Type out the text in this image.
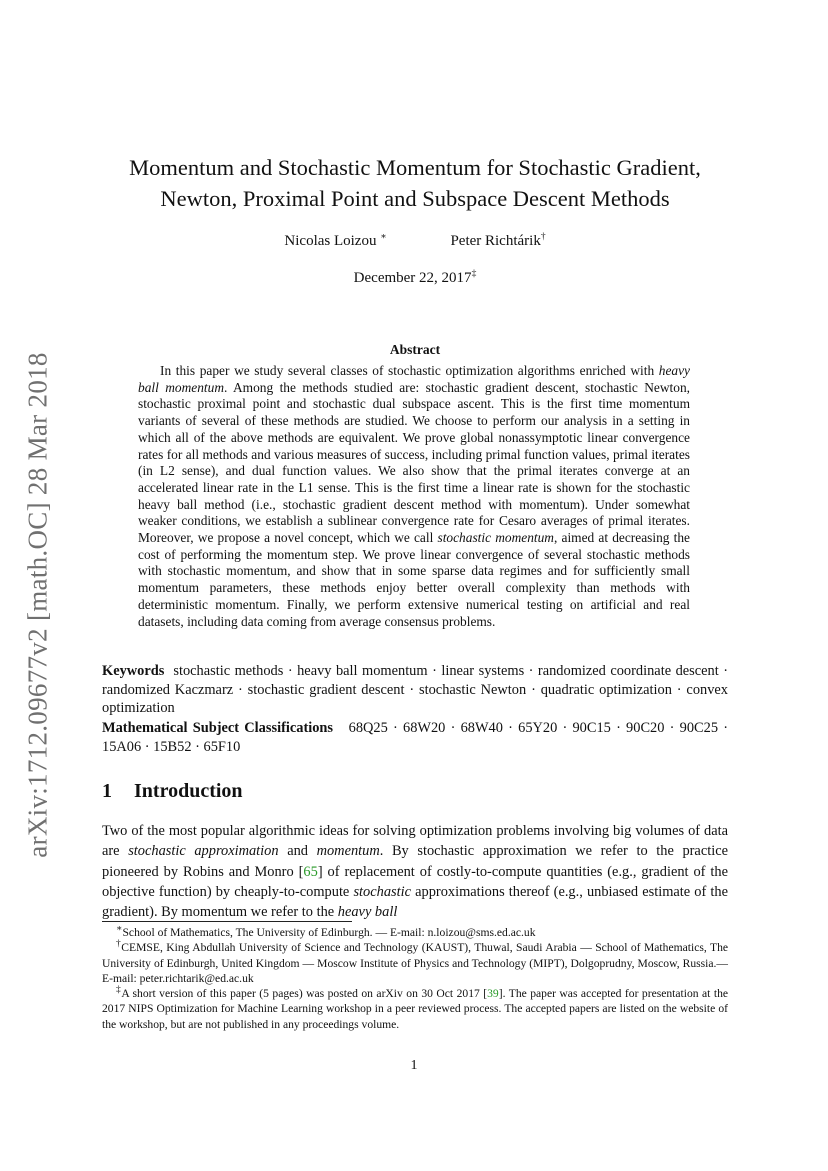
arXiv:1712.09677v2 [math.OC] 28 Mar 2018
Momentum and Stochastic Momentum for Stochastic Gradient,
Newton, Proximal Point and Subspace Descent Methods
Nicolas Loizou ∗	Peter Richtárik†
December 22, 2017‡
Abstract
In this paper we study several classes of stochastic optimization algorithms enriched with heavy ball momentum. Among the methods studied are: stochastic gradient descent, stochastic Newton, stochastic proximal point and stochastic dual subspace ascent. This is the first time momentum variants of several of these methods are studied. We choose to perform our analysis in a setting in which all of the above methods are equivalent. We prove global nonassymptotic linear convergence rates for all methods and various measures of success, including primal function values, primal iterates (in L2 sense), and dual function values. We also show that the primal iterates converge at an accelerated linear rate in the L1 sense. This is the first time a linear rate is shown for the stochastic heavy ball method (i.e., stochastic gradient descent method with momentum). Under somewhat weaker conditions, we establish a sublinear convergence rate for Cesaro averages of primal iterates. Moreover, we propose a novel concept, which we call stochastic momentum, aimed at decreasing the cost of performing the momentum step. We prove linear convergence of several stochastic methods with stochastic momentum, and show that in some sparse data regimes and for sufficiently small momentum parameters, these methods enjoy better overall complexity than methods with deterministic momentum. Finally, we perform extensive numerical testing on artificial and real datasets, including data coming from average consensus problems.
Keywords stochastic methods · heavy ball momentum · linear systems · randomized coordinate descent · randomized Kaczmarz · stochastic gradient descent · stochastic Newton · quadratic optimization · convex optimization
Mathematical Subject Classifications 68Q25 · 68W20 · 68W40 · 65Y20 · 90C15 · 90C20 · 90C25 · 15A06 · 15B52 · 65F10
1 Introduction
Two of the most popular algorithmic ideas for solving optimization problems involving big volumes of data are stochastic approximation and momentum. By stochastic approximation we refer to the practice pioneered by Robins and Monro [65] of replacement of costly-to-compute quantities (e.g., gradient of the objective function) by cheaply-to-compute stochastic approximations thereof (e.g., unbiased estimate of the gradient). By momentum we refer to the heavy ball

∗School of Mathematics, The University of Edinburgh. — E-mail: n.loizou@sms.ed.ac.uk

†CEMSE, King Abdullah University of Science and Technology (KAUST), Thuwal, Saudi Arabia — School of Mathematics, The University of Edinburgh, United Kingdom — Moscow Institute of Physics and Technology (MIPT), Dolgoprudny, Moscow, Russia.— E-mail: peter.richtarik@ed.ac.uk

‡A short version of this paper (5 pages) was posted on arXiv on 30 Oct 2017 [39]. The paper was accepted for presentation at the 2017 NIPS Optimization for Machine Learning workshop in a peer reviewed process. The accepted papers are listed on the website of the workshop, but are not published in any proceedings volume.

1
